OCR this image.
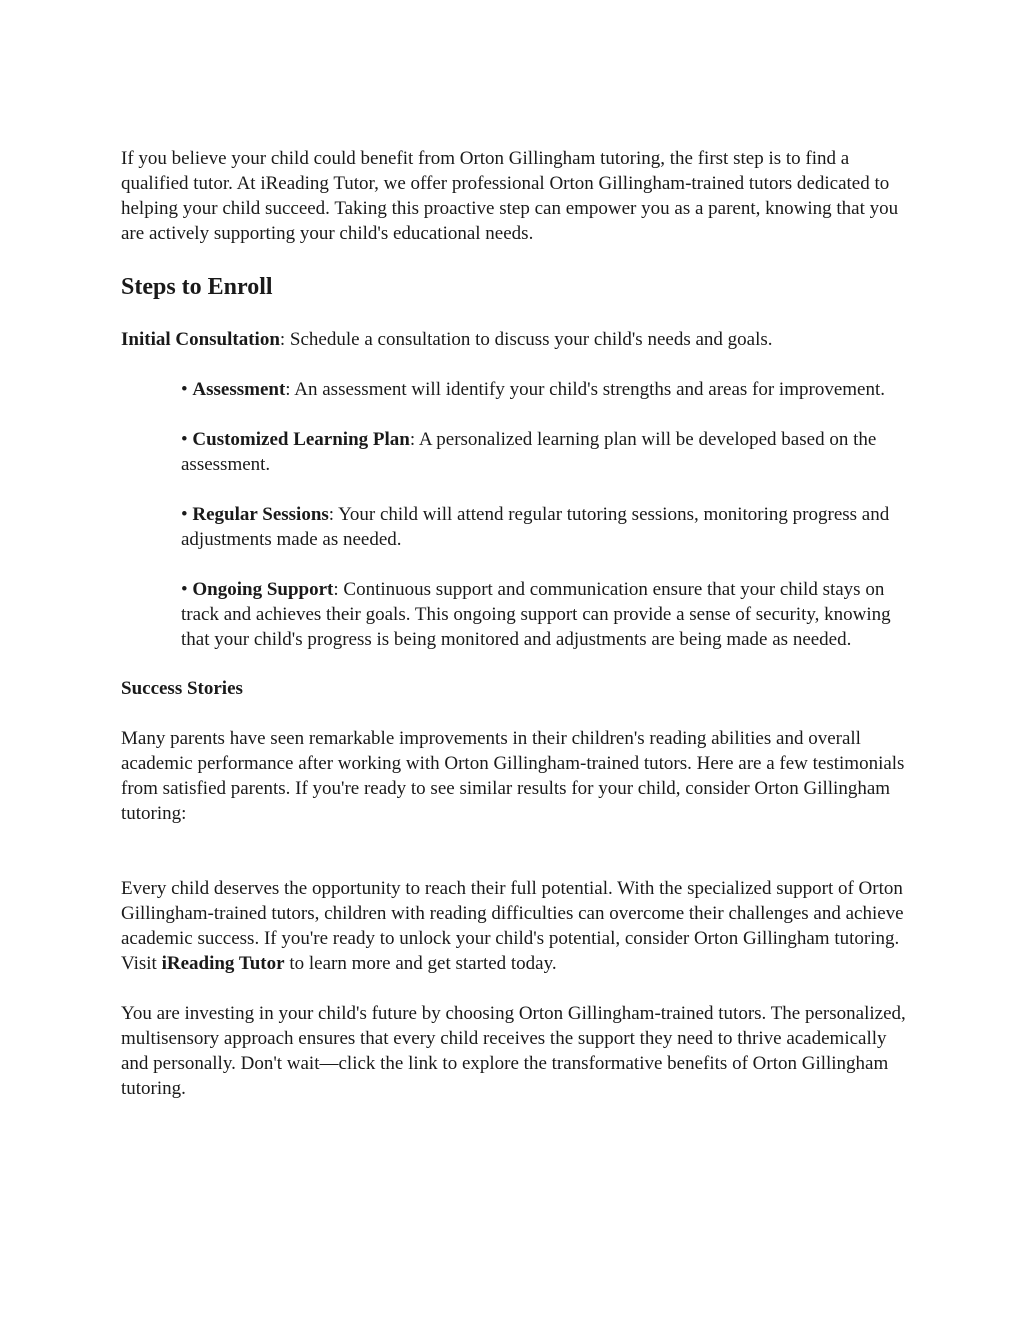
If you believe your child could benefit from Orton Gillingham tutoring, the first step is to find a qualified tutor. At iReading Tutor, we offer professional Orton Gillingham-trained tutors dedicated to helping your child succeed. Taking this proactive step can empower you as a parent, knowing that you are actively supporting your child's educational needs.

Steps to Enroll

Initial Consultation: Schedule a consultation to discuss your child's needs and goals.

• Assessment: An assessment will identify your child's strengths and areas for improvement.
• Customized Learning Plan: A personalized learning plan will be developed based on the assessment.
• Regular Sessions: Your child will attend regular tutoring sessions, monitoring progress and adjustments made as needed.
• Ongoing Support: Continuous support and communication ensure that your child stays on track and achieves their goals. This ongoing support can provide a sense of security, knowing that your child's progress is being monitored and adjustments are being made as needed.

Success Stories

Many parents have seen remarkable improvements in their children's reading abilities and overall academic performance after working with Orton Gillingham-trained tutors. Here are a few testimonials from satisfied parents. If you're ready to see similar results for your child, consider Orton Gillingham tutoring:

Every child deserves the opportunity to reach their full potential. With the specialized support of Orton Gillingham-trained tutors, children with reading difficulties can overcome their challenges and achieve academic success. If you're ready to unlock your child's potential, consider Orton Gillingham tutoring. Visit iReading Tutor to learn more and get started today.

You are investing in your child's future by choosing Orton Gillingham-trained tutors. The personalized, multisensory approach ensures that every child receives the support they need to thrive academically and personally. Don't wait—click the link to explore the transformative benefits of Orton Gillingham tutoring.
